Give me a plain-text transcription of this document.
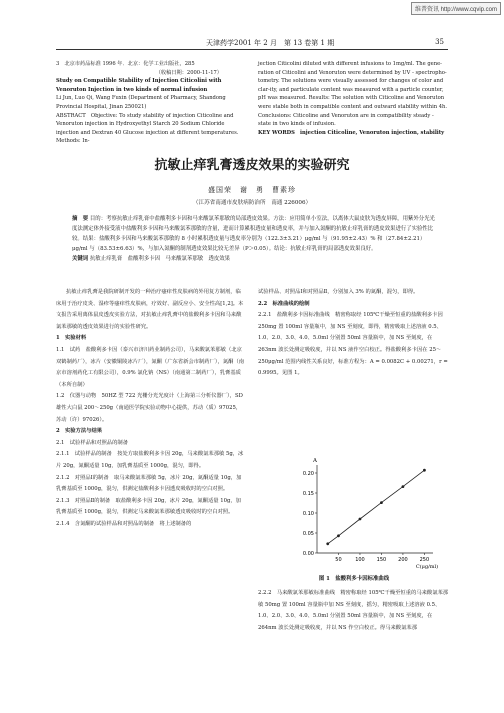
维普资讯 http://www.cqvip.com
天津药学 2001 年 2 月　第 13 卷第 1 期	35

3　北京市药品标准 1996 年．北京：化学工业出版社，285

（收稿日期：2000-11-17）

Study on Compatible Stability of Injection Citicolini with Venoruton Injection in two kinds of normal infusion

Li Jun, Luo Qi, Wang Fuxin (Department of Pharmacy, Shandong Provincial Hospital, Jinan 250021)

ABSTRACT　Objective: To study stability of injection Citicoline and Venoruton injection in Hydroxyethyl Starch 20 Sodium Chloride injection and Dextran 40 Glucose injection at different temperatures. Methods: In-

jection Citicolini diluted with different infusions to 1mg/ml. The gene-ration of Citicolini and Venoruton were determined by UV - spectropho-tometry. The solutions were visually assessed for changes of color and clar-ity, and particulate content was measured with a particle counter, pH was measured. Results: The solution with Citicoline and Venoruton were stable both in compatible content and outward stability within 4h. Conclusions: Citicoline and Venoruton are in compatibility steady - state in two kinds of infusion.

KEY WORDS　injection Citicoline, Venoruton injection, stability

抗敏止痒乳膏透皮效果的实验研究
盛国荣　谢　勇　曹素珍
（江苏省南通市皮肤病防治所　南通 226006）
摘　要 目的：考察抗敏止痒乳膏中盐酸利多卡因和马来酸氯苯那敏的局部透皮效果。方法：应用简单小室法，以离体大鼠皮肤为透皮屏障，用紫外分光光度法测定体外接受液中盐酸利多卡因和马来酸氯苯那敏的含量，进而计算累积透皮量和透皮率，并与加入氮酮的抗敏止痒乳膏的透皮效果进行了实验性比较。结果：盐酸利多卡因和马来酸氯苯那敏的 8 小时累积透皮量与透皮率分别为（122.3±3.21）μg/ml 与（91.95±2.43）% 和（27.84±2.21）μg/ml 与（83.53±6.63）%，与加入氮酮的制剂透皮效果比较无差异（P＞0.05）。结论：抗敏止痒乳膏的局部透皮效果良好。
关键词 抗敏止痒乳膏　盐酸利多卡因　马来酸氯苯那敏　透皮效果

抗敏止痒乳膏是我院研制开发的一种治疗瘙痒性皮肤病的外用复方制剂，临床用于治疗皮炎、湿疹等瘙痒性皮肤病，疗效好、副反应小、安全性高[1,2]。本文报告采用离体鼠皮透皮实验方法，对抗敏止痒乳膏中的盐酸利多卡因和马来酸氯苯那敏的透皮效果进行的实验性研究。

1　实验材料

1.1　试药　盐酸利多卡因（泰兴市济川药业制药公司），马来酸氯苯那敏（北京双鹤制药厂），冰片（安徽铜陵冰片厂），氮酮（广东省新会市制药厂），氮酮（南京市溶剂药化工有限公司），0.9% 氯化钠（NS）（南通第二制药厂），乳膏基质（本所自制）

1.2　仪器与动物　50HZ 型 722 光栅分光光度计（上海第三分析仪器厂），SD 雄性大白鼠 200～250g（南通医学院实验动物中心提供，苏动（质）97025，苏动（许）97026）。

2　实验方法与结果

2.1　试验样品和对照品的制备

2.1.1　试验样品的制备　按处方取盐酸利多卡因 20g，马来酸氯苯那敏 5g，冰片 20g，氮酮适量 10g，加乳膏基质至 1000g，混匀，即得。

2.1.2　对照品Ⅰ的制备　取马来酸氯苯那敏 5g，冰片 20g，氮酮适量 10g，加乳膏基质至 1000g，混匀，供测定盐酸利多卡因透皮吸收时的空白对照。

2.1.3　对照品Ⅱ的制备　取盐酸利多卡因 20g，冰片 20g，氮酮适量 10g，加乳膏基质至 1000g，混匀，供测定马来酸氯苯那敏透皮吸收时的空白对照。

2.1.4　含氮酮的试验样品和对照品的制备　将上述制备的

试验样品、对照品Ⅰ和对照品Ⅱ，分别加入 3% 的氮酮，混匀，即得。

2.2　标准曲线的绘制

2.2.1　盐酸利多卡因标准曲线　精密称取经 105℃干燥至恒重的盐酸利多卡因 250mg 置 100ml 容量瓶中，加 NS 至刻度，即得，精密吸取上述溶液 0.5、1.0、2.0、3.0、4.0、5.0ml 分别置 50ml 容量瓶中，加 NS 至刻度，在 263nm 波长处测定吸收度，并以 NS 液作空白校正。得盐酸利多卡因在 25～250μg/ml 范围内线性关系良好，标准方程为：A = 0.0082C + 0.00271，r = 0.9995。见图 1。

0.00
0.05
0.10
0.15
0.20
50	100 150 200 250
A
C(μg/ml)
图 1　盐酸利多卡因标准曲线

2.2.2　马来酸氯苯那敏标准曲线　精密称取经 105℃干燥至恒重的马来酸氯苯那敏 50mg 置 100ml 容量瓶中加 NS 至刻度，摇匀，精密吸取上述溶液 0.5、1.0、2.0、3.0、4.0、5.0ml 分别置 50ml 容量瓶中，加 NS 至刻度，在 264nm 波长处测定吸收度，并以 NS 作空白校正。得马来酸氯苯那
